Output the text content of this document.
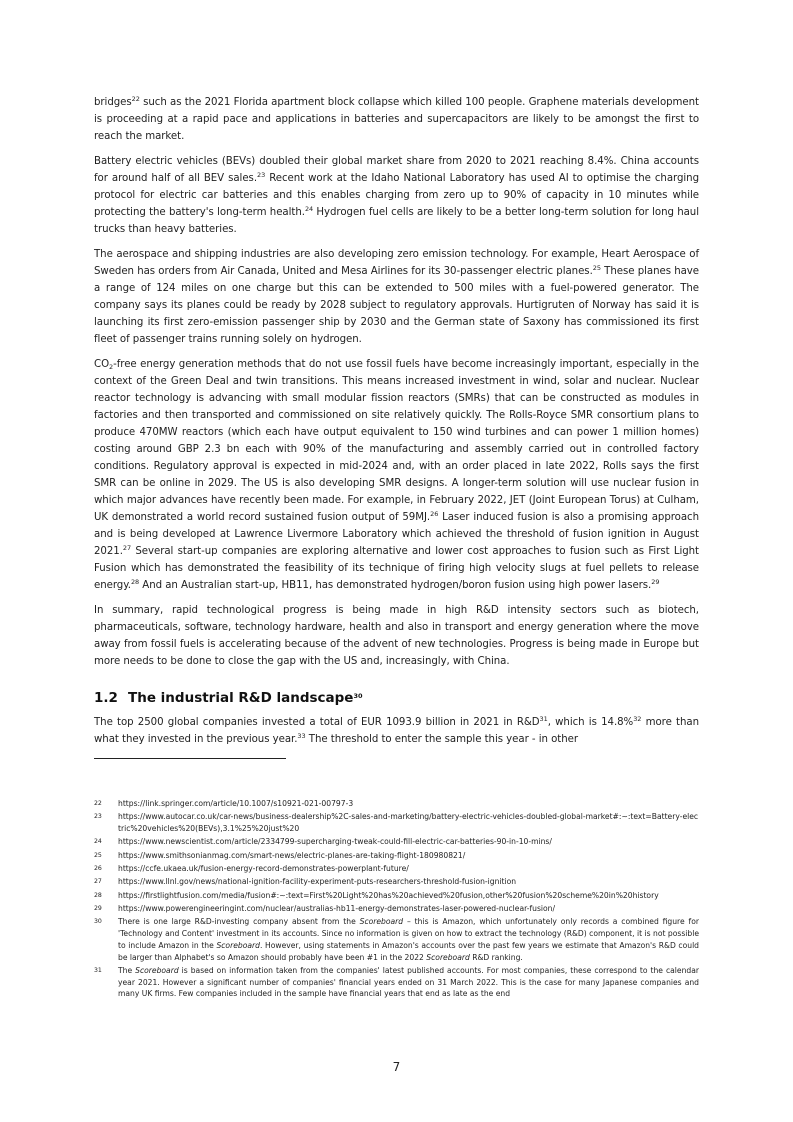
bridges$^{22}$ such as the 2021 Florida apartment block collapse which killed 100 people. Graphene materials development is proceeding at a rapid pace and applications in batteries and supercapacitors are likely to be amongst the first to reach the market.

Battery electric vehicles (BEVs) doubled their global market share from 2020 to 2021 reaching 8.4%. China accounts for around half of all BEV sales.$^{23}$ Recent work at the Idaho National Laboratory has used AI to optimise the charging protocol for electric car batteries and this enables charging from zero up to 90% of capacity in 10 minutes while protecting the battery's long-term health.$^{24}$ Hydrogen fuel cells are likely to be a better long-term solution for long haul trucks than heavy batteries.

The aerospace and shipping industries are also developing zero emission technology. For example, Heart Aerospace of Sweden has orders from Air Canada, United and Mesa Airlines for its 30-passenger electric planes.$^{25}$ These planes have a range of 124 miles on one charge but this can be extended to 500 miles with a fuel-powered generator. The company says its planes could be ready by 2028 subject to regulatory approvals. Hurtigruten of Norway has said it is launching its first zero-emission passenger ship by 2030 and the German state of Saxony has commissioned its first fleet of passenger trains running solely on hydrogen.

$CO_2$-free energy generation methods that do not use fossil fuels have become increasingly important, especially in the context of the Green Deal and twin transitions. This means increased investment in wind, solar and nuclear. Nuclear reactor technology is advancing with small modular fission reactors (SMRs) that can be constructed as modules in factories and then transported and commissioned on site relatively quickly. The Rolls-Royce SMR consortium plans to produce 470MW reactors (which each have output equivalent to 150 wind turbines and can power 1 million homes) costing around GBP 2.3 bn each with 90% of the manufacturing and assembly carried out in controlled factory conditions. Regulatory approval is expected in mid-2024 and, with an order placed in late 2022, Rolls says the first SMR can be online in 2029. The US is also developing SMR designs. A longer-term solution will use nuclear fusion in which major advances have recently been made. For example, in February 2022, JET (Joint European Torus) at Culham, UK demonstrated a world record sustained fusion output of 59MJ.$^{26}$ Laser induced fusion is also a promising approach and is being developed at Lawrence Livermore Laboratory which achieved the threshold of fusion ignition in August 2021.27 Several start-up companies are exploring alternative and lower cost approaches to fusion such as First Light Fusion which has demonstrated the feasibility of its technique of firing high velocity slugs at fuel pellets to release energy.$^{28}$ And an Australian start-up, HB11, has demonstrated hydrogen/boron fusion using high power lasers.$^{29}$

In summary, rapid technological progress is being made in high R&D intensity sectors such as biotech, pharmaceuticals, software, technology hardware, health and also in transport and energy generation where the move away from fossil fuels is accelerating because of the advent of new technologies. Progress is being made in Europe but more needs to be done to close the gap with the US and, increasingly, with China.

1.2 The industrial R&D landscape$^{30}$

The top 2500 global companies invested a total of EUR 1093.9 billion in 2021 in $R\&D^{31}$, which is 14.8%$^{32}$ more than what they invested in the previous year.$^{33}$ The threshold to enter the sample this year - in other

22	https://link.springer.com/article/10.1007/s10921-021-00797-3
23	https://www.autocar.co.uk/car-news/business-dealership%2C-sales-and-marketing/battery-electric-vehicles-doubled-global-market#:~:text=Battery-electric%20vehicles%20(BEVs),3.1%25%20just%20
24	https://www.newscientist.com/article/2334799-supercharging-tweak-could-fill-electric-car-batteries-90-in-10-mins/
25	https://www.smithsonianmag.com/smart-news/electric-planes-are-taking-flight-180980821/
26	https://ccfe.ukaea.uk/fusion-energy-record-demonstrates-powerplant-future/
27	https://www.llnl.gov/news/national-ignition-facility-experiment-puts-researchers-threshold-fusion-ignition
28	https://firstlightfusion.com/media/fusion#:~:text=First%20Light%20has%20achieved%20fusion,other%20fusion%20scheme%20in%20history
29	https://www.powerengineeringint.com/nuclear/australias-hb11-energy-demonstrates-laser-powered-nuclear-fusion/
30	There is one large R&D-investing company absent from the Scoreboard – this is Amazon, which unfortunately only records a combined figure for 'Technology and Content' investment in its accounts. Since no information is given on how to extract the technology (R&D) component, it is not possible to include Amazon in the Scoreboard. However, using statements in Amazon's accounts over the past few years we estimate that Amazon's R&D could be larger than Alphabet's so Amazon should probably have been #1 in the 2022 Scoreboard R&D ranking.
31	The Scoreboard is based on information taken from the companies' latest published accounts. For most companies, these correspond to the calendar year 2021. However a significant number of companies' financial years ended on 31 March 2022. This is the case for many Japanese companies and many UK firms. Few companies included in the sample have financial years that end as late as the end
7
